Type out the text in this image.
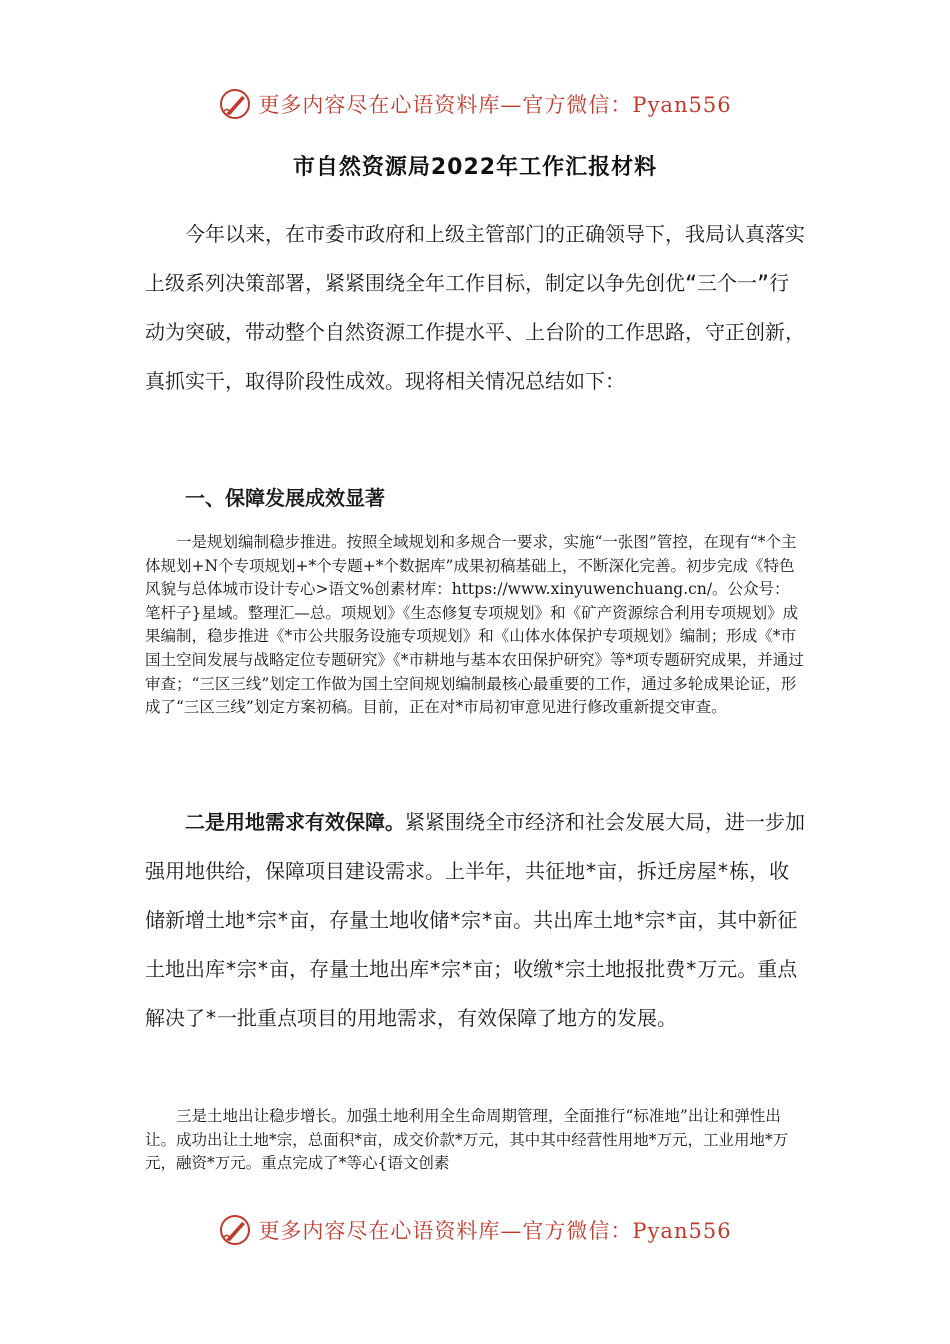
更多内容尽在心语资料库—官方微信：Pyan556
市自然资源局2022年工作汇报材料

今年以来，在市委市政府和上级主管部门的正确领导下，我局认真落实上级系列决策部署，紧紧围绕全年工作目标，制定以争先创优“三个一”行动为突破，带动整个自然资源工作提水平、上台阶的工作思路，守正创新，真抓实干，取得阶段性成效。现将相关情况总结如下：

一、保障发展成效显著

一是规划编制稳步推进。按照全域规划和多规合一要求，实施“一张图”管控，在现有“*个主体规划+N个专项规划+*个专题+*个数据库”成果初稿基础上，不断深化完善。初步完成《特色风貌与总体城市设计专心>语文%创素材库：https://www.xinyuwenchuang.cn/。公众号：笔杆子}星域。整理汇—总。项规划》《生态修复专项规划》和《矿产资源综合利用专项规划》成果编制，稳步推进《*市公共服务设施专项规划》和《山体水体保护专项规划》编制；形成《*市国土空间发展与战略定位专题研究》《*市耕地与基本农田保护研究》等*项专题研究成果，并通过审查；“三区三线”划定工作做为国土空间规划编制最核心最重要的工作，通过多轮成果论证，形成了“三区三线”划定方案初稿。目前，正在对*市局初审意见进行修改重新提交审查。

二是用地需求有效保障。紧紧围绕全市经济和社会发展大局，进一步加强用地供给，保障项目建设需求。上半年，共征地*亩，拆迁房屋*栋，收储新增土地*宗*亩，存量土地收储*宗*亩。共出库土地*宗*亩，其中新征土地出库*宗*亩，存量土地出库*宗*亩；收缴*宗土地报批费*万元。重点解决了*一批重点项目的用地需求，有效保障了地方的发展。

三是土地出让稳步增长。加强土地利用全生命周期管理，全面推行“标准地”出让和弹性出让。成功出让土地*宗，总面积*亩，成交价款*万元，其中其中经营性用地*万元，工业用地*万元，融资*万元。重点完成了*等心{语文创素

更多内容尽在心语资料库—官方微信：Pyan556
